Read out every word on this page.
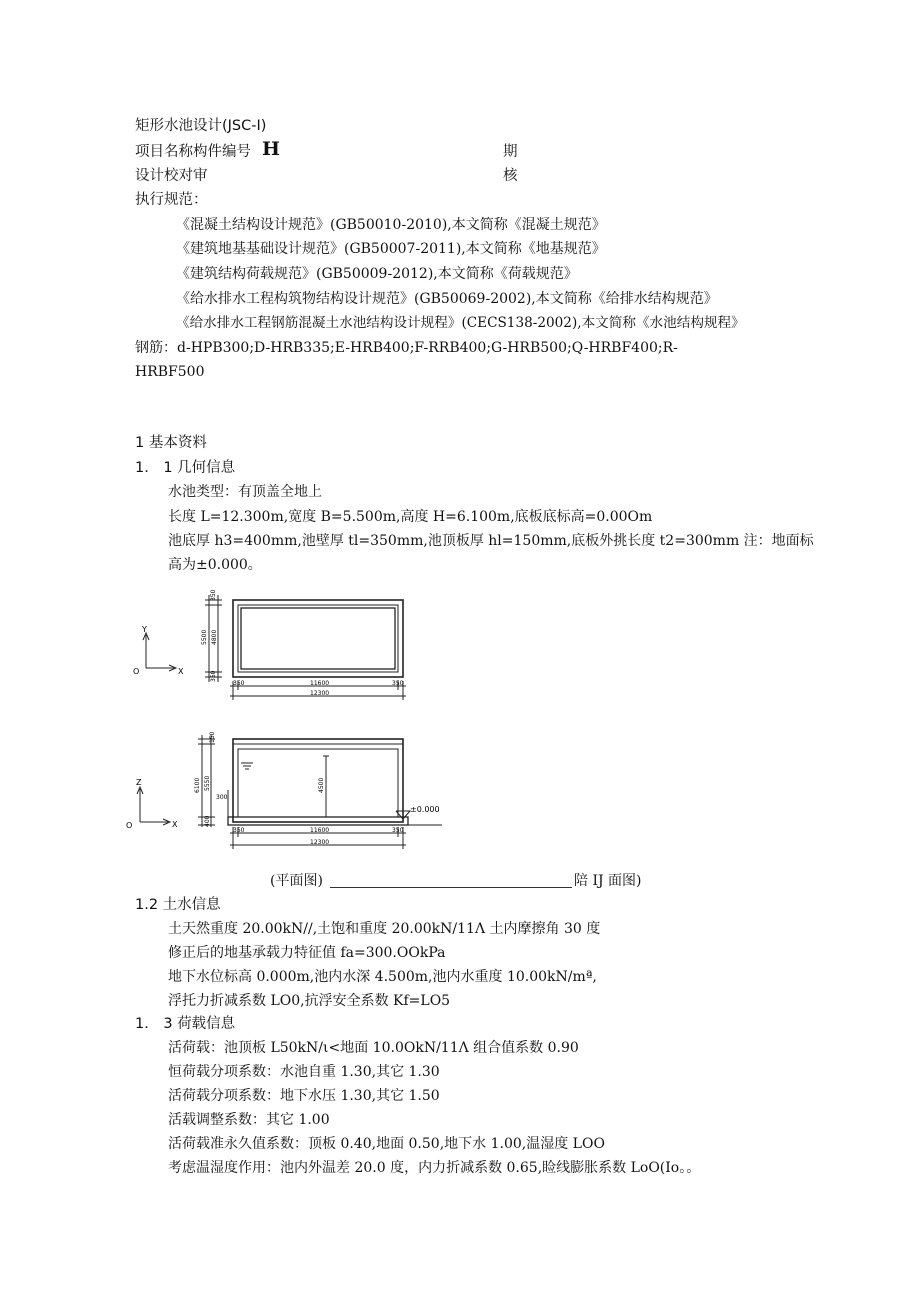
矩形水池设计(JSC-I)
项目名称构件编号 H	期
设计校对审	核
执行规范：
《混凝土结构设计规范》(GB50010-2010),本文简称《混凝土规范》
《建筑地基基础设计规范》(GB50007-2011),本文简称《地基规范》
《建筑结构荷载规范》(GB50009-2012),本文简称《荷载规范》
《给水排水工程构筑物结构设计规范》(GB50069-2002),本文简称《给排水结构规范》
《给水排水工程钢筋混凝土水池结构设计规程》(CECS138-2002),本文简称《水池结构规程》
钢筋：d-HPB300;D-HRB335;E-HRB400;F-RRB400;G-HRB500;Q-HRBF400;R-
HRBF500
1 基本资料
1.　1 几何信息
水池类型：有顶盖全地上
长度 L=12.300m,宽度 B=5.500m,高度 H=6.100m,底板底标高=0.00Om
池底厚 h3=400mm,池壁厚 tl=350mm,池顶板厚 hl=150mm,底板外挑长度 t2=300mm 注：地面标
高为±0.000。
Y
O	X
350
5500 4800
350
350	11600	350
12300
Z
O	X
150
6100 5550
400
300
4500
±0.000
350	11600	350
12300
(平面图)	陪 IJ 面图)
1.2 土水信息
土天然重度 20.00kN//,土饱和重度 20.00kN/11Λ 土内摩擦角 30 度
修正后的地基承载力特征值 fa=300.OOkPa
地下水位标高 0.000m,池内水深 4.500m,池内水重度 10.00kN/mª,
浮托力折减系数 LO0,抗浮安全系数 Kf=LO5
1.　3 荷载信息
活荷载：池顶板 L50kN/ι<地面 10.0OkN/11Λ 组合值系数 0.90
恒荷载分项系数：水池自重 1.30,其它 1.30
活荷载分项系数：地下水压 1.30,其它 1.50
活载调整系数：其它 1.00
活荷载准永久值系数：顶板 0.40,地面 0.50,地下水 1.00,温湿度 LOO
考虑温湿度作用：池内外温差 20.0 度，内力折减系数 0.65,睑线膨胀系数 LoO(Io。。
